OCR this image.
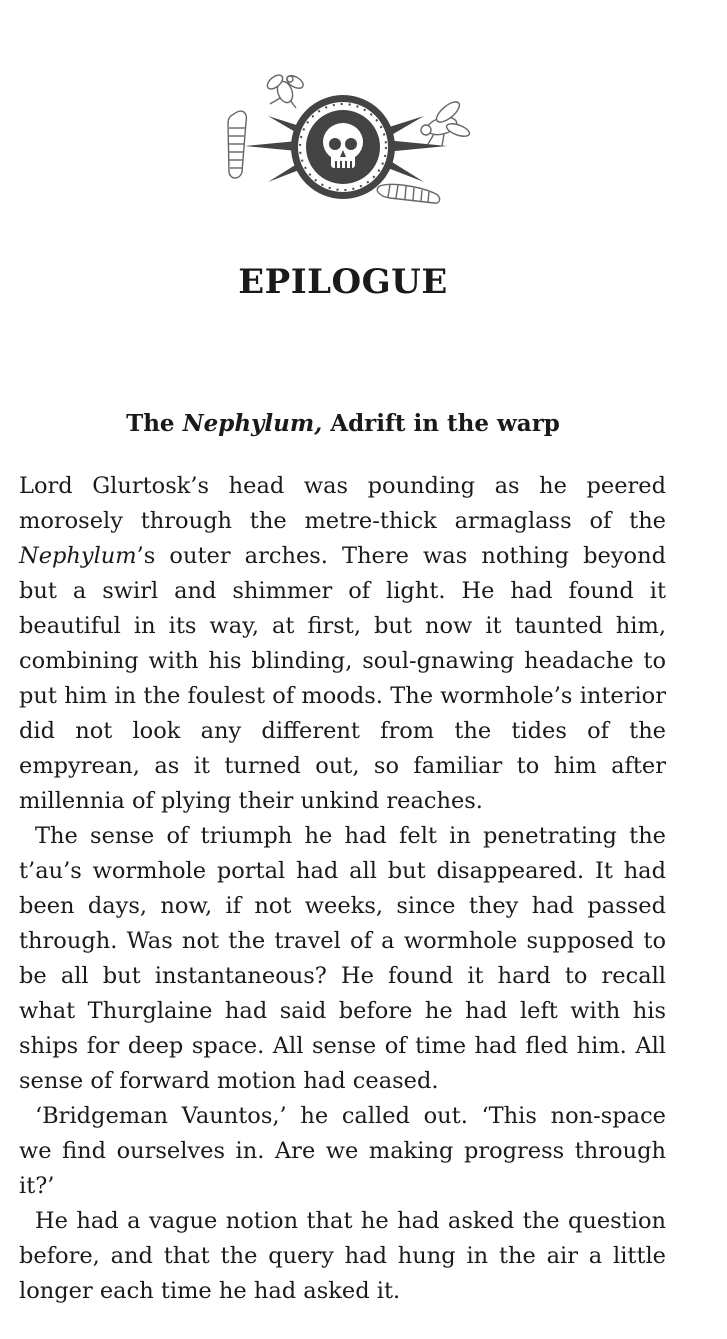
EPILOGUE
The Nephylum, Adrift in the warp

Lord Glurtosk’s head was pounding as he peered morosely through the metre-thick armaglass of the Nephylum’s outer arches. There was nothing beyond but a swirl and shimmer of light. He had found it beautiful in its way, at first, but now it taunted him, combining with his blinding, soul-gnawing headache to put him in the foulest of moods. The wormhole’s interior did not look any different from the tides of the empyrean, as it turned out, so familiar to him after millennia of plying their unkind reaches.

The sense of triumph he had felt in penetrating the t’au’s wormhole portal had all but disappeared. It had been days, now, if not weeks, since they had passed through. Was not the travel of a wormhole supposed to be all but instantaneous? He found it hard to recall what Thurglaine had said before he had left with his ships for deep space. All sense of time had fled him. All sense of forward motion had ceased.

‘Bridgeman Vauntos,’ he called out. ‘This non-space we find ourselves in. Are we making progress through it?’

He had a vague notion that he had asked the question before, and that the query had hung in the air a little longer each time he had asked it.
